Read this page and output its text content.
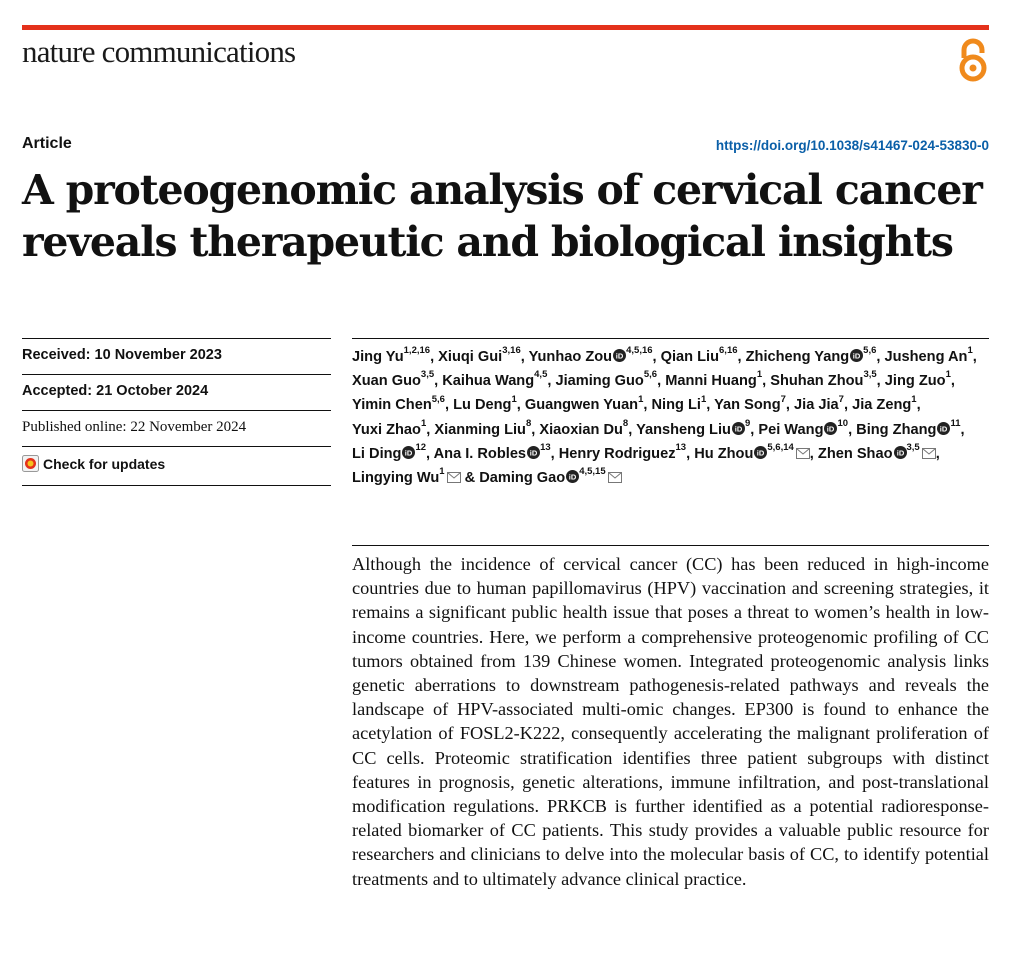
nature communications
Article	https://doi.org/10.1038/s41467-024-53830-0
A proteogenomic analysis of cervical cancer reveals therapeutic and biological insights
Received: 10 November 2023
Accepted: 21 October 2024
Published online: 22 November 2024
Check for updates
Jing Yu$^{1,2,16}$, Xiuqi Gui$^{3,16}$, Yunhao Zou iD $^{4,5,16}$, Qian Liu$^{6,16}$, Zhicheng Yang iD $^{5,6}$, Jusheng An$^1$, Xuan Guo$^{3,5}$, Kaihua Wang$^{4,5}$, Jiaming Guo$^{5,6}$, Manni Huang$^1$, Shuhan Zhou$^{3,5}$, Jing Zuo$^1$, Yimin Chen$^{5,6}$, Lu Deng$^1$, Guangwen Yuan$^1$, Ning Li$^1$, Yan Song$^7$, Jia Jia$^7$, Jia Zeng$^1$, Yuxi Zhao$^1$, Xianming Liu$^8$, Xiaoxian Du$^8$, Yansheng Liu iD $^9$, Pei Wang iD $^{10}$, Bing Zhang iD $^{11}$, Li Ding iD $^{12}$, Ana I. Robles iD $^{13}$, Henry Rodriguez$^{13}$, Hu Zhou iD $^{5,6,14}$ , Zhen Shao iD $^{3,5}$ , Lingying Wu$^1$ & Daming Gao iD $^{4,5,15}$

Although the incidence of cervical cancer (CC) has been reduced in high-income countries due to human papillomavirus (HPV) vaccination and screening strategies, it remains a significant public health issue that poses a threat to women’s health in low-income countries. Here, we perform a comprehensive proteogenomic profiling of CC tumors obtained from 139 Chinese women. Integrated proteogenomic analysis links genetic aberrations to downstream pathogenesis-related pathways and reveals the landscape of HPV-associated multi-omic changes. EP300 is found to enhance the acetylation of FOSL2-K222, consequently accelerating the malignant proliferation of CC cells. Proteomic stratification identifies three patient subgroups with distinct features in prognosis, genetic alterations, immune infiltration, and post-translational modification regulations. PRKCB is further identified as a potential radioresponse-related biomarker of CC patients. This study provides a valuable public resource for researchers and clinicians to delve into the molecular basis of CC, to identify potential treatments and to ultimately advance clinical practice.
